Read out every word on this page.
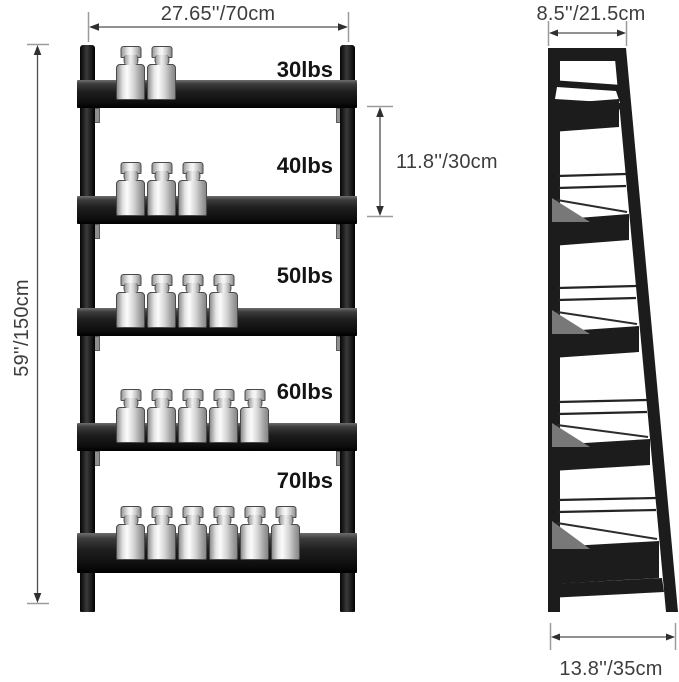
30lbs
40lbs
50lbs
60lbs
70lbs
27.65''/70cm
59''/150cm
11.8''/30cm
8.5''/21.5cm
13.8''/35cm
